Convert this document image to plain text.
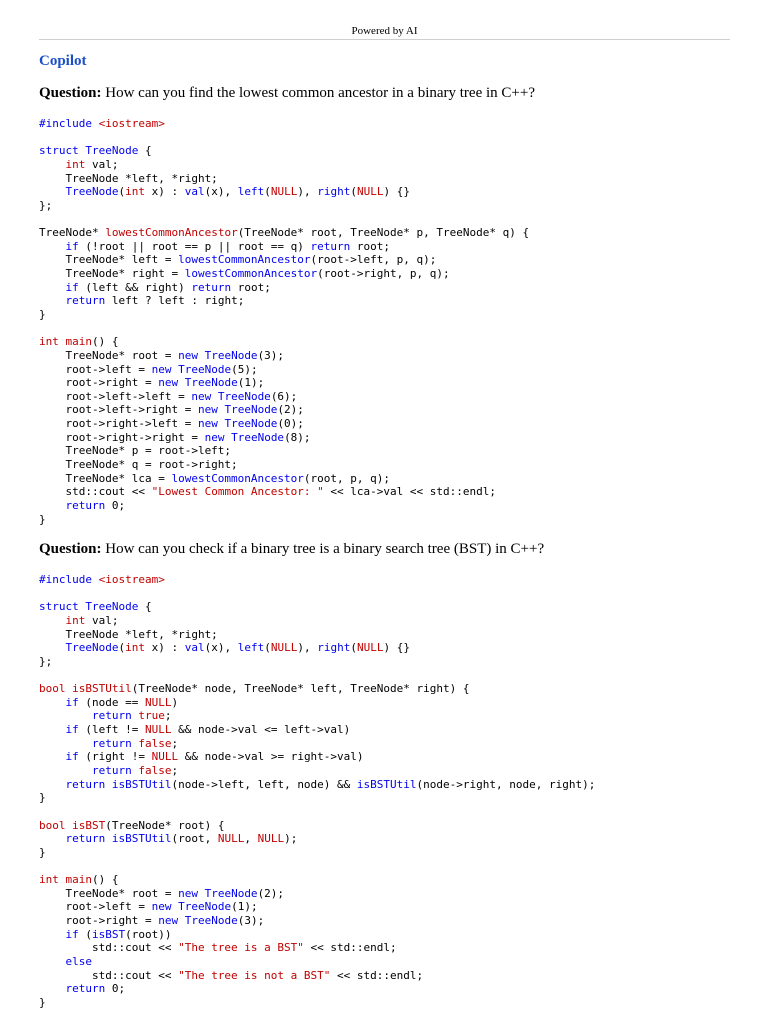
Powered by AI
Copilot
Question: How can you find the lowest common ancestor in a binary tree in C++?
#include <iostream>
struct TreeNode {
int val;
TreeNode *left, *right;
TreeNode(int x) : val(x), left(NULL), right(NULL) {}
};
TreeNode* lowestCommonAncestor(TreeNode* root, TreeNode* p, TreeNode* q) {
if (!root || root == p || root == q) return root;
TreeNode* left = lowestCommonAncestor(root->left, p, q);
TreeNode* right = lowestCommonAncestor(root->right, p, q);
if (left && right) return root;
return left ? left : right;
}
int main() {
TreeNode* root = new TreeNode(3);
root->left = new TreeNode(5);
root->right = new TreeNode(1);
root->left->left = new TreeNode(6);
root->left->right = new TreeNode(2);
root->right->left = new TreeNode(0);
root->right->right = new TreeNode(8);
TreeNode* p = root->left;
TreeNode* q = root->right;
TreeNode* lca = lowestCommonAncestor(root, p, q);
std::cout << "Lowest Common Ancestor: " << lca->val << std::endl;
return 0;
}
Question: How can you check if a binary tree is a binary search tree (BST) in C++?
#include <iostream>
struct TreeNode {
int val;
TreeNode *left, *right;
TreeNode(int x) : val(x), left(NULL), right(NULL) {}
};
bool isBSTUtil(TreeNode* node, TreeNode* left, TreeNode* right) {
if (node == NULL)
return true;
if (left != NULL && node->val <= left->val)
return false;
if (right != NULL && node->val >= right->val)
return false;
return isBSTUtil(node->left, left, node) && isBSTUtil(node->right, node, right);
}
bool isBST(TreeNode* root) {
return isBSTUtil(root, NULL, NULL);
}
int main() {
TreeNode* root = new TreeNode(2);
root->left = new TreeNode(1);
root->right = new TreeNode(3);
if (isBST(root))
std::cout << "The tree is a BST" << std::endl;
else
std::cout << "The tree is not a BST" << std::endl;
return 0;
}
